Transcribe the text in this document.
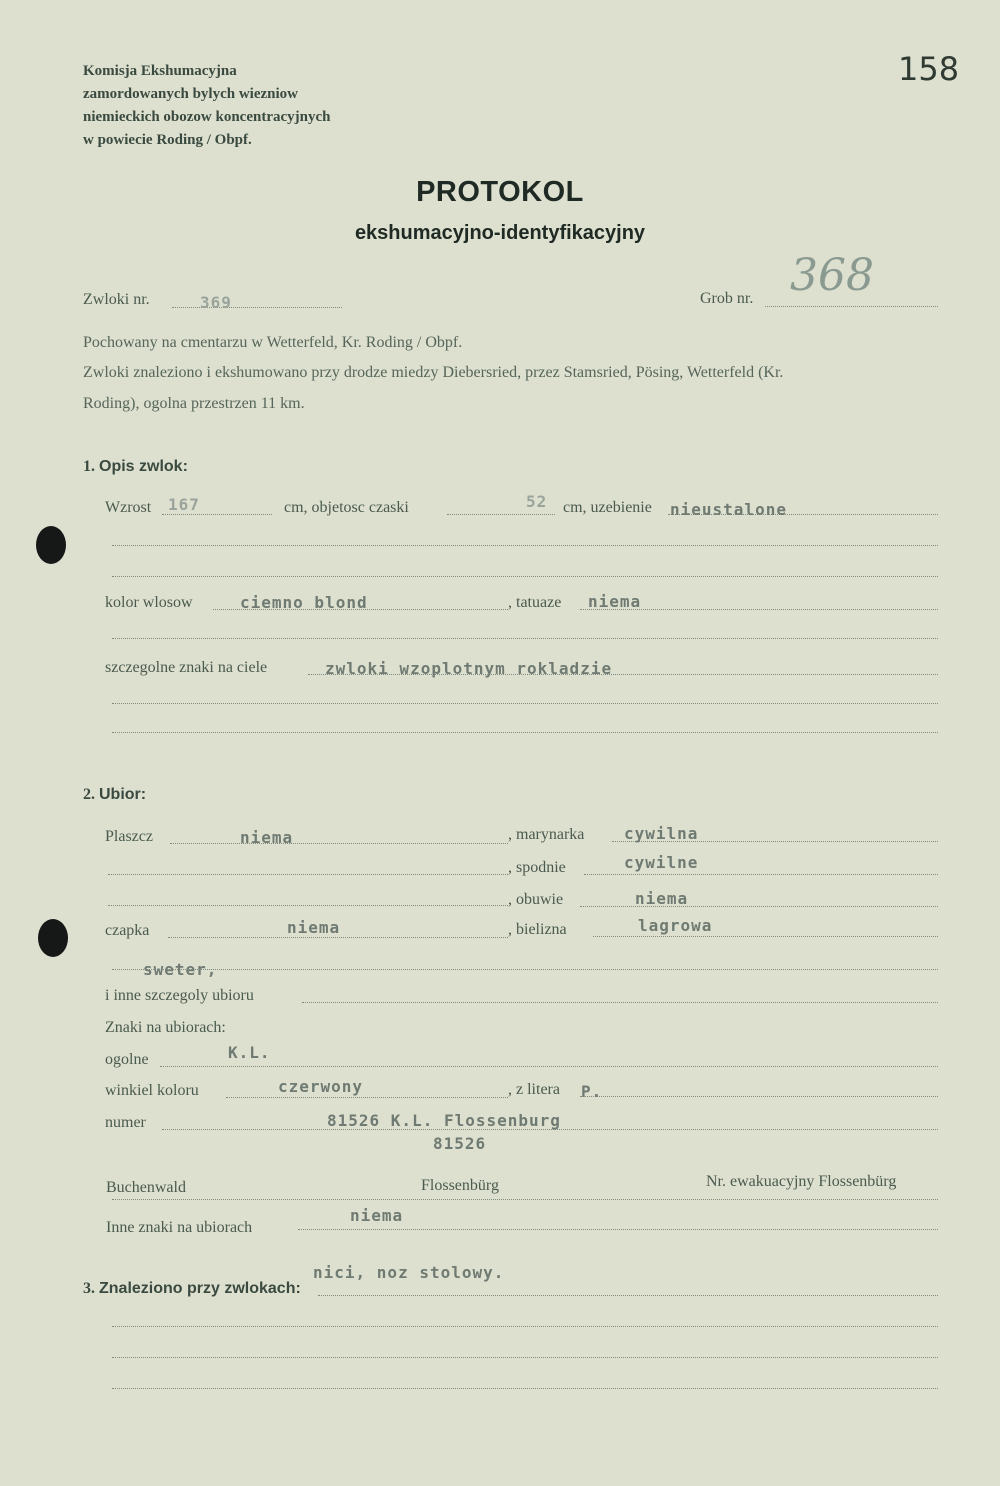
Komisja Ekshumacyjna
zamordowanych bylych wiezniow
niemieckich obozow koncentracyjnych
w powiecie Roding / Obpf.
158
PROTOKOL
ekshumacyjno-identyfikacyjny
Zwloki nr.	369	Grob nr. 368
Pochowany na cmentarzu w Wetterfeld, Kr. Roding / Obpf.
Zwloki znaleziono i ekshumowano przy drodze miedzy Diebersried, przez Stamsried, Pösing, Wetterfeld (Kr.
Roding), ogolna przestrzen 11 km.
1. Opis zwlok:
Wzrost 167	cm, objetosc czaski	52 cm, uzebienie nieustalone
kolor wlosow	ciemno blond	, tatuaze niema
szczegolne znaki na ciele	zwloki wzoplotnym rokladzie
2. Ubior:
Plaszcz	niema	, marynarka cywilna
, spodnie	cywilne
, obuwie	niema
czapka	niema	, bielizna	lagrowa
sweter,
i inne szczegoly ubioru
Znaki na ubiorach:
ogolne	K.L.
winkiel koloru	czerwony	, z litera P.
numer	81526 K.L. Flossenburg
81526
Buchenwald	Flossenbürg	Nr. ewakuacyjny Flossenbürg
Inne znaki na ubiorach
niema
3. Znaleziono przy zwlokach:
nici, noz stolowy.
